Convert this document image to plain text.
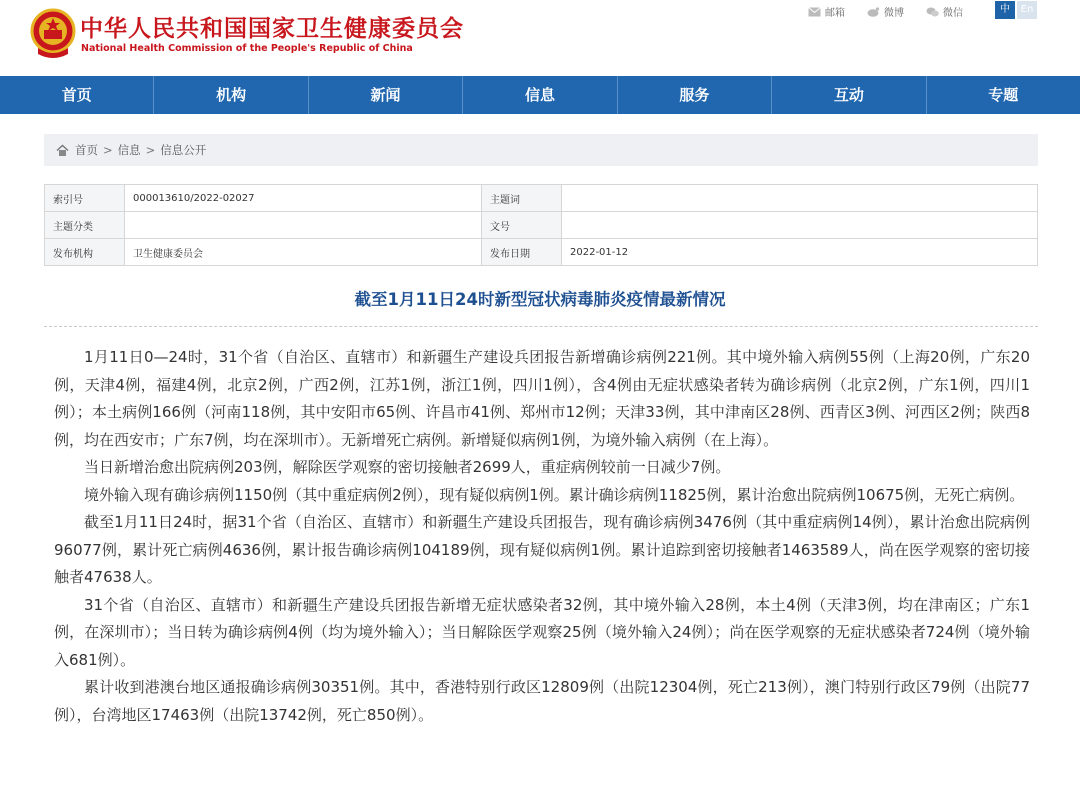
中华人民共和国国家卫生健康委员会
National Health Commission of the People's Republic of China
邮箱	微博	微信	中	En
首页	机构	新闻	信息	服务	互动	专题
首页 > 信息 > 信息公开
索引号	000013610/2022-02027	主题词	
主题分类		文号	
发布机构	卫生健康委员会	发布日期	2022-01-12
截至1月11日24时新型冠状病毒肺炎疫情最新情况

1月11日0—24时，31个省（自治区、直辖市）和新疆生产建设兵团报告新增确诊病例221例。其中境外输入病例55例（上海20例，广东20例，天津4例，福建4例，北京2例，广西2例，江苏1例，浙江1例，四川1例），含4例由无症状感染者转为确诊病例（北京2例，广东1例，四川1例）；本土病例166例（河南118例，其中安阳市65例、许昌市41例、郑州市12例；天津33例，其中津南区28例、西青区3例、河西区2例；陕西8例，均在西安市；广东7例，均在深圳市）。无新增死亡病例。新增疑似病例1例，为境外输入病例（在上海）。

当日新增治愈出院病例203例，解除医学观察的密切接触者2699人，重症病例较前一日减少7例。

境外输入现有确诊病例1150例（其中重症病例2例），现有疑似病例1例。累计确诊病例11825例，累计治愈出院病例10675例，无死亡病例。

截至1月11日24时，据31个省（自治区、直辖市）和新疆生产建设兵团报告，现有确诊病例3476例（其中重症病例14例），累计治愈出院病例96077例，累计死亡病例4636例，累计报告确诊病例104189例，现有疑似病例1例。累计追踪到密切接触者1463589人，尚在医学观察的密切接触者47638人。

31个省（自治区、直辖市）和新疆生产建设兵团报告新增无症状感染者32例，其中境外输入28例，本土4例（天津3例，均在津南区；广东1例，在深圳市）；当日转为确诊病例4例（均为境外输入）；当日解除医学观察25例（境外输入24例）；尚在医学观察的无症状感染者724例（境外输入681例）。

累计收到港澳台地区通报确诊病例30351例。其中，香港特别行政区12809例（出院12304例，死亡213例），澳门特别行政区79例（出院77例），台湾地区17463例（出院13742例，死亡850例）。
